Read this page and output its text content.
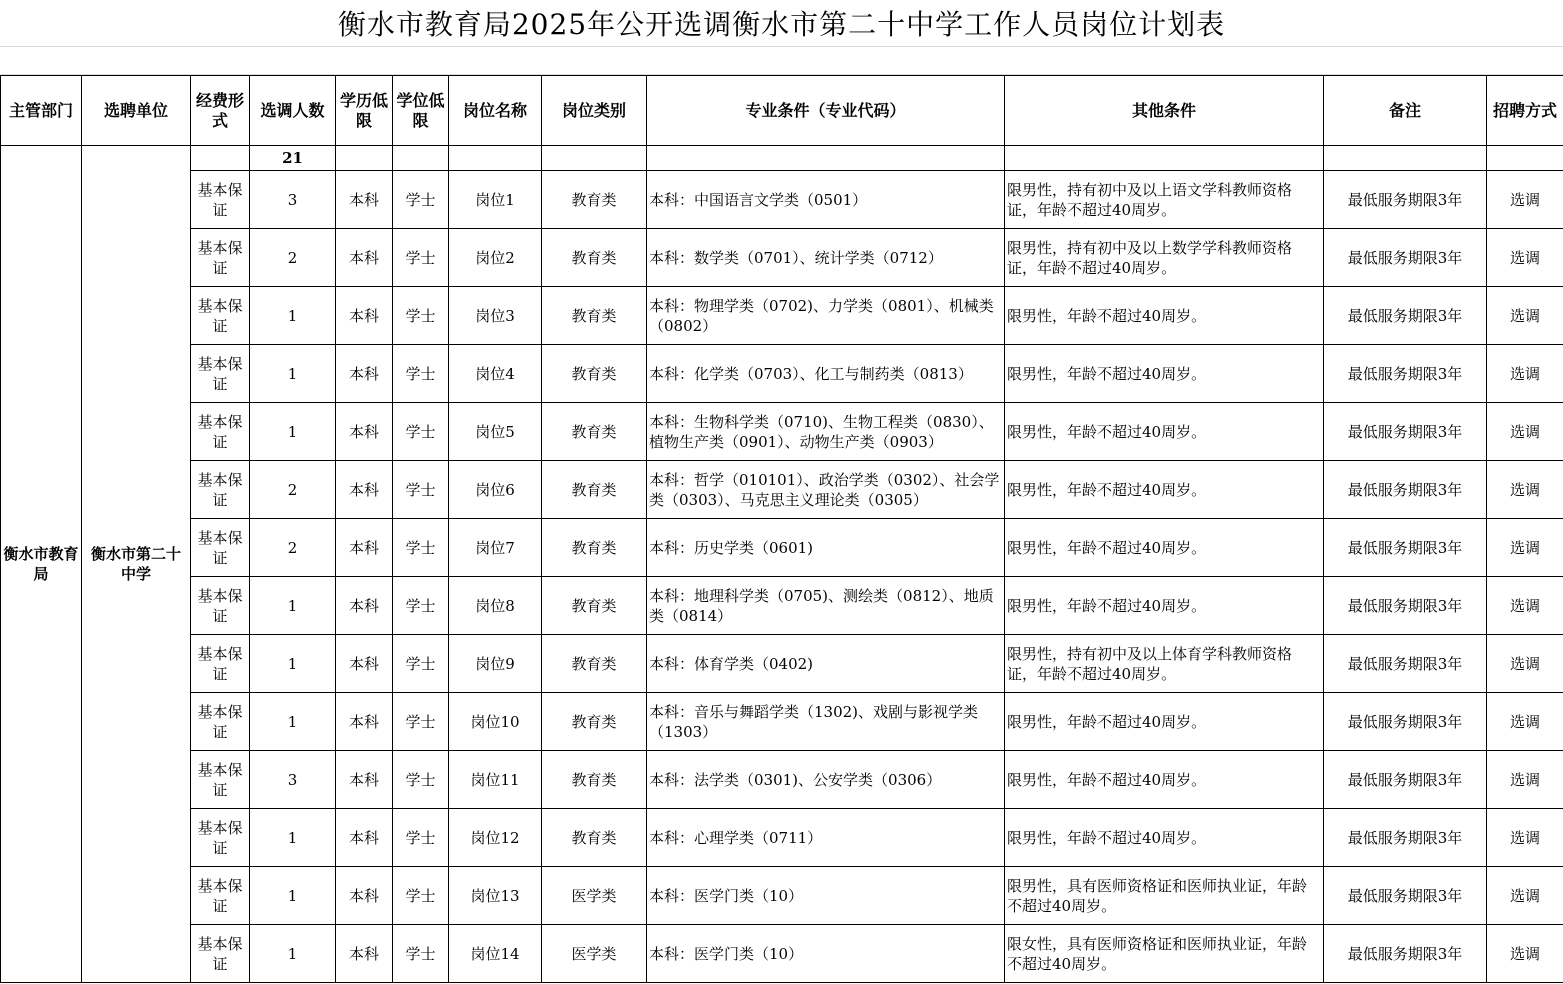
衡水市教育局2025年公开选调衡水市第二十中学工作人员岗位计划表
主管部门	选聘单位	经费形式	选调人数	学历低限	学位低限	岗位名称	岗位类别	专业条件（专业代码）	其他条件	备注	招聘方式
衡水市教育局	衡水市第二十中学		21								
		基本保证	3	本科	学士	岗位1	教育类	本科：中国语言文学类（0501）	限男性，持有初中及以上语文学科教师资格证，年龄不超过40周岁。	最低服务期限3年	选调
		基本保证	2	本科	学士	岗位2	教育类	本科：数学类（0701）、统计学类（0712）	限男性，持有初中及以上数学学科教师资格证，年龄不超过40周岁。	最低服务期限3年	选调
		基本保证	1	本科	学士	岗位3	教育类	本科：物理学类（0702)、力学类（0801）、机械类（0802）	限男性，年龄不超过40周岁。	最低服务期限3年	选调
		基本保证	1	本科	学士	岗位4	教育类	本科：化学类（0703）、化工与制药类（0813）	限男性，年龄不超过40周岁。	最低服务期限3年	选调
		基本保证	1	本科	学士	岗位5	教育类	本科：生物科学类（0710)、生物工程类（0830）、植物生产类（0901）、动物生产类（0903）	限男性，年龄不超过40周岁。	最低服务期限3年	选调
		基本保证	2	本科	学士	岗位6	教育类	本科：哲学（010101）、政治学类（0302）、社会学类（0303）、马克思主义理论类（0305）	限男性，年龄不超过40周岁。	最低服务期限3年	选调
		基本保证	2	本科	学士	岗位7	教育类	本科：历史学类（0601)	限男性，年龄不超过40周岁。	最低服务期限3年	选调
		基本保证	1	本科	学士	岗位8	教育类	本科：地理科学类（0705)、测绘类（0812）、地质类（0814）	限男性，年龄不超过40周岁。	最低服务期限3年	选调
		基本保证	1	本科	学士	岗位9	教育类	本科：体育学类（0402)	限男性，持有初中及以上体育学科教师资格证，年龄不超过40周岁。	最低服务期限3年	选调
		基本保证	1	本科	学士	岗位10	教育类	本科：音乐与舞蹈学类（1302)、戏剧与影视学类（1303）	限男性，年龄不超过40周岁。	最低服务期限3年	选调
		基本保证	3	本科	学士	岗位11	教育类	本科：法学类（0301)、公安学类（0306）	限男性，年龄不超过40周岁。	最低服务期限3年	选调
		基本保证	1	本科	学士	岗位12	教育类	本科：心理学类（0711）	限男性，年龄不超过40周岁。	最低服务期限3年	选调
		基本保证	1	本科	学士	岗位13	医学类	本科：医学门类（10）	限男性，具有医师资格证和医师执业证，年龄不超过40周岁。	最低服务期限3年	选调
		基本保证	1	本科	学士	岗位14	医学类	本科：医学门类（10）	限女性，具有医师资格证和医师执业证，年龄不超过40周岁。	最低服务期限3年	选调
